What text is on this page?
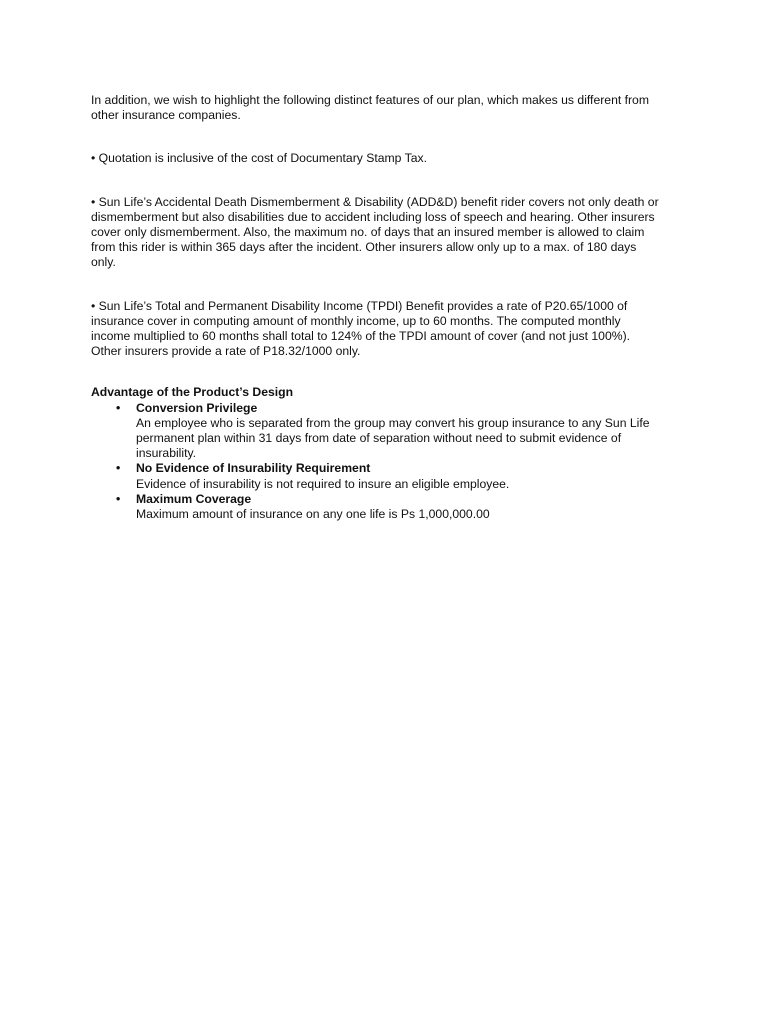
In addition, we wish to highlight the following distinct features of our plan, which makes us different from
other insurance companies.

• Quotation is inclusive of the cost of Documentary Stamp Tax.

• Sun Life’s Accidental Death Dismemberment & Disability (ADD&D) benefit rider covers not only death or
dismemberment but also disabilities due to accident including loss of speech and hearing. Other insurers
cover only dismemberment. Also, the maximum no. of days that an insured member is allowed to claim
from this rider is within 365 days after the incident. Other insurers allow only up to a max. of 180 days
only.

• Sun Life’s Total and Permanent Disability Income (TPDI) Benefit provides a rate of P20.65/1000 of
insurance cover in computing amount of monthly income, up to 60 months. The computed monthly
income multiplied to 60 months shall total to 124% of the TPDI amount of cover (and not just 100%).
Other insurers provide a rate of P18.32/1000 only.

Advantage of the Product’s Design

• Conversion Privilege
An employee who is separated from the group may convert his group insurance to any Sun Life
permanent plan within 31 days from date of separation without need to submit evidence of
insurability.
• No Evidence of Insurability Requirement
Evidence of insurability is not required to insure an eligible employee.
• Maximum Coverage
Maximum amount of insurance on any one life is Ps 1,000,000.00
